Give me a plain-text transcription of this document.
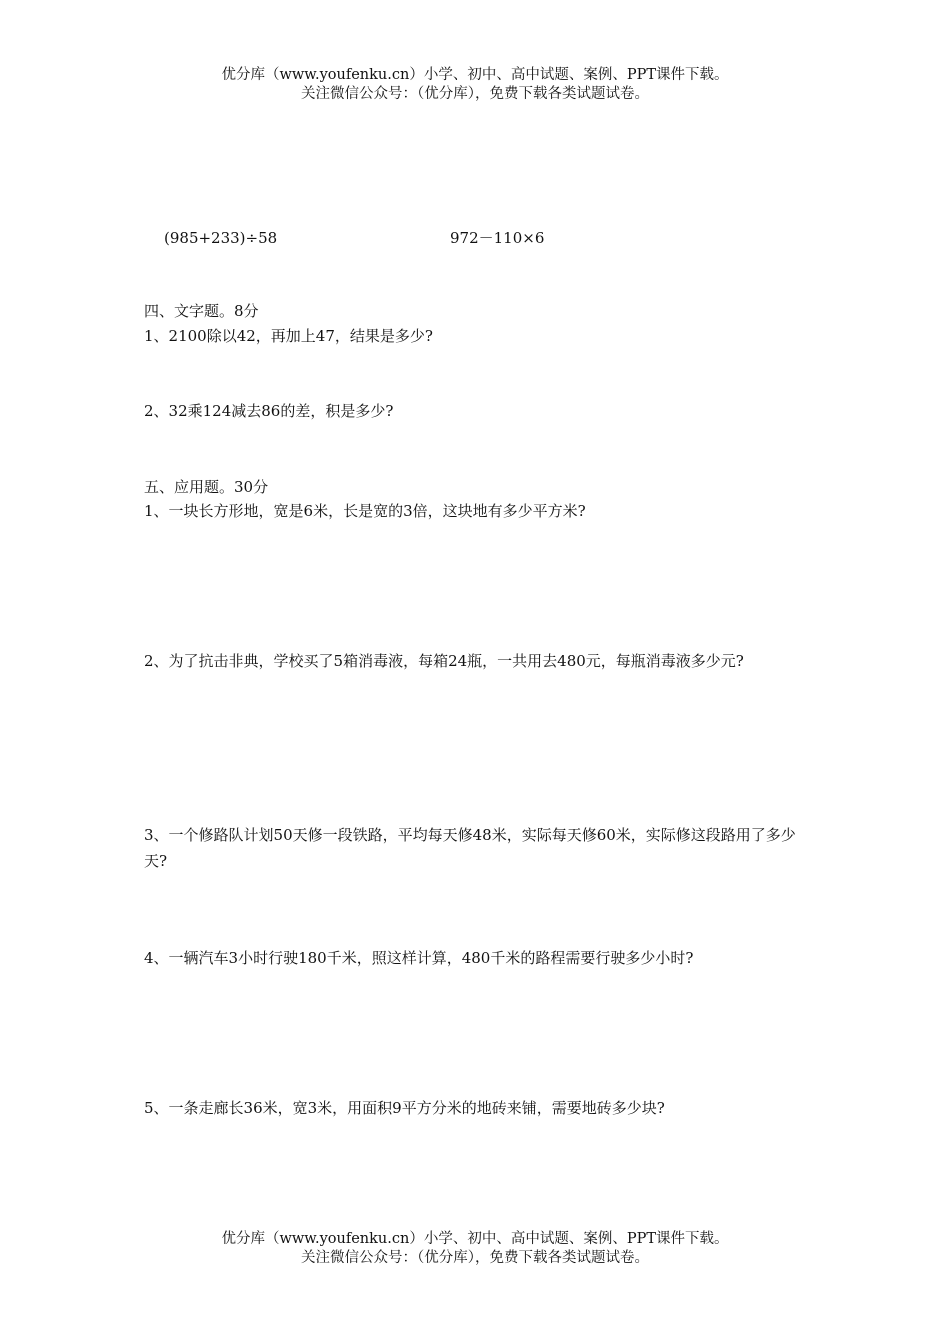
优分库（www.youfenku.cn）小学、初中、高中试题、案例、PPT课件下载。
关注微信公众号：（优分库），免费下载各类试题试卷。
(985+233)÷58	972－110×6
四、文字题。8分
1、2100除以42，再加上47，结果是多少?
2、32乘124减去86的差，积是多少?
五、应用题。30分
1、一块长方形地，宽是6米，长是宽的3倍，这块地有多少平方米?
2、为了抗击非典，学校买了5箱消毒液，每箱24瓶，一共用去480元，每瓶消毒液多少元?
3、一个修路队计划50天修一段铁路，平均每天修48米，实际每天修60米，实际修这段路用了多少天?
4、一辆汽车3小时行驶180千米，照这样计算，480千米的路程需要行驶多少小时?
5、一条走廊长36米，宽3米，用面积9平方分米的地砖来铺，需要地砖多少块?
优分库（www.youfenku.cn）小学、初中、高中试题、案例、PPT课件下载。
关注微信公众号：（优分库），免费下载各类试题试卷。
